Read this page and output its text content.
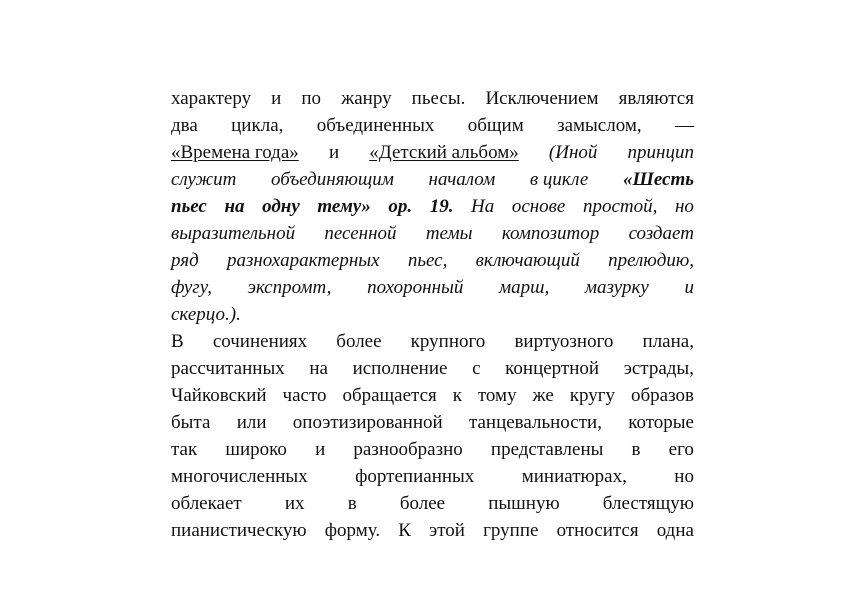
характеру и по жанру пьесы. Исключением являются
два цикла, объединенных общим замыслом, —
«Времена года» и «Детский альбом» (Иной принцип
служит объединяющим началом в цикле «Шесть
пьес на одну тему» ор. 19. На основе простой, но
выразительной песенной темы композитор создает
ряд разнохарактерных пьес, включающий прелюдию,
фугу, экспромт, похоронный марш, мазурку и
скерцо.).
В сочинениях более крупного виртуозного плана,
рассчитанных на исполнение с концертной эстрады,
Чайковский часто обращается к тому же кругу образов
быта или опоэтизированной танцевальности, которые
так широко и разнообразно представлены в его
многочисленных фортепианных миниатюрах, но
облекает их в более пышную блестящую
пианистическую форму. К этой группе относится одна
